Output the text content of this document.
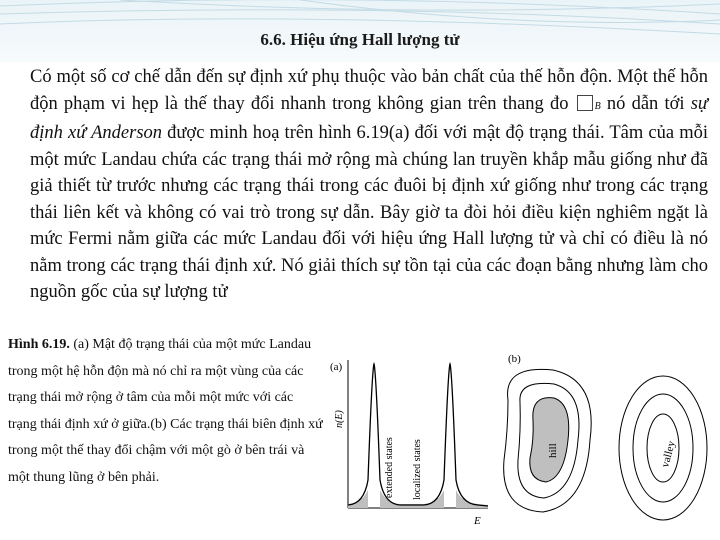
6.6. Hiệu ứng Hall lượng tử

Có một số cơ chế dẫn đến sự định xứ phụ thuộc vào bản chất của thế hỗn độn. Một thế hỗn độn phạm vi hẹp là thế thay đổi nhanh trong không gian trên thang đo B nó dẫn tới sự định xứ Anderson được minh hoạ trên hình 6.19(a) đối với mật độ trạng thái. Tâm của mỗi một mức Landau chứa các trạng thái mở rộng mà chúng lan truyền khắp mẫu giống như đã giả thiết từ trước nhưng các trạng thái trong các đuôi bị định xứ giống như trong các trạng thái liên kết và không có vai trò trong sự dẫn. Bây giờ ta đòi hỏi điều kiện nghiêm ngặt là mức Fermi nằm giữa các mức Landau đối với hiệu ứng Hall lượng tử và chỉ có điều là nó nằm trong các trạng thái định xứ. Nó giải thích sự tồn tại của các đoạn bằng nhưng làm cho nguồn gốc của sự lượng tử

Hình 6.19. (a) Mật độ trạng thái của một mức Landau trong một hệ hỗn độn mà nó chỉ ra một vùng của các trạng thái mở rộng ở tâm của mỗi một mức với các trạng thái định xứ ở giữa.(b) Các trạng thái biên định xứ trong một thế thay đổi chậm với một gò ở bên trái và một thung lũng ở bên phải.
(a)
n(E)
E
extended states localized states
(b)
hill	valley
